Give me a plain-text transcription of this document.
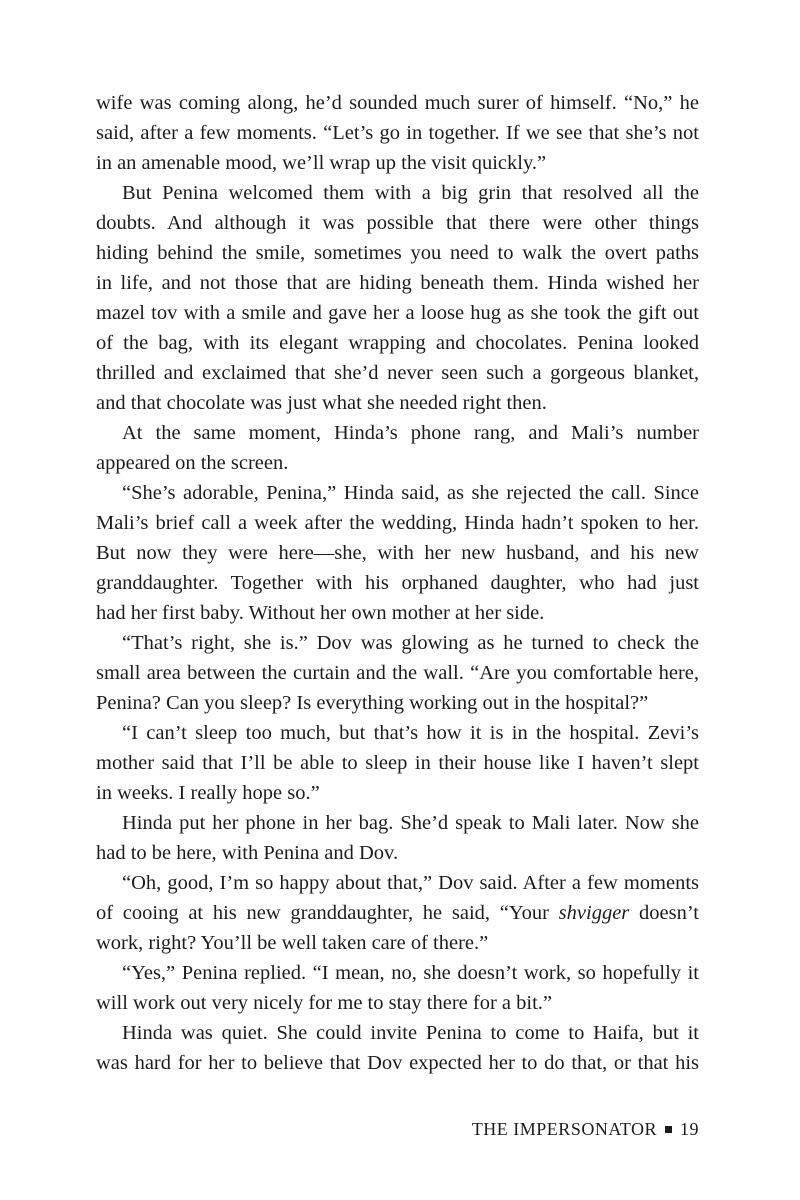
wife was coming along, he’d sounded much surer of himself. “No,” he
said, after a few moments. “Let’s go in together. If we see that she’s not
in an amenable mood, we’ll wrap up the visit quickly.”
But Penina welcomed them with a big grin that resolved all the
doubts. And although it was possible that there were other things
hiding behind the smile, sometimes you need to walk the overt paths
in life, and not those that are hiding beneath them. Hinda wished her
mazel tov with a smile and gave her a loose hug as she took the gift out
of the bag, with its elegant wrapping and chocolates. Penina looked
thrilled and exclaimed that she’d never seen such a gorgeous blanket,
and that chocolate was just what she needed right then.
At the same moment, Hinda’s phone rang, and Mali’s number
appeared on the screen.
“She’s adorable, Penina,” Hinda said, as she rejected the call. Since
Mali’s brief call a week after the wedding, Hinda hadn’t spoken to her.
But now they were here—she, with her new husband, and his new
granddaughter. Together with his orphaned daughter, who had just
had her first baby. Without her own mother at her side.
“That’s right, she is.” Dov was glowing as he turned to check the
small area between the curtain and the wall. “Are you comfortable here,
Penina? Can you sleep? Is everything working out in the hospital?”
“I can’t sleep too much, but that’s how it is in the hospital. Zevi’s
mother said that I’ll be able to sleep in their house like I haven’t slept
in weeks. I really hope so.”
Hinda put her phone in her bag. She’d speak to Mali later. Now she
had to be here, with Penina and Dov.
“Oh, good, I’m so happy about that,” Dov said. After a few moments
of cooing at his new granddaughter, he said, “Your shvigger doesn’t
work, right? You’ll be well taken care of there.”
“Yes,” Penina replied. “I mean, no, she doesn’t work, so hopefully it
will work out very nicely for me to stay there for a bit.”
Hinda was quiet. She could invite Penina to come to Haifa, but it
was hard for her to believe that Dov expected her to do that, or that his
THE IMPERSONATOR 19
